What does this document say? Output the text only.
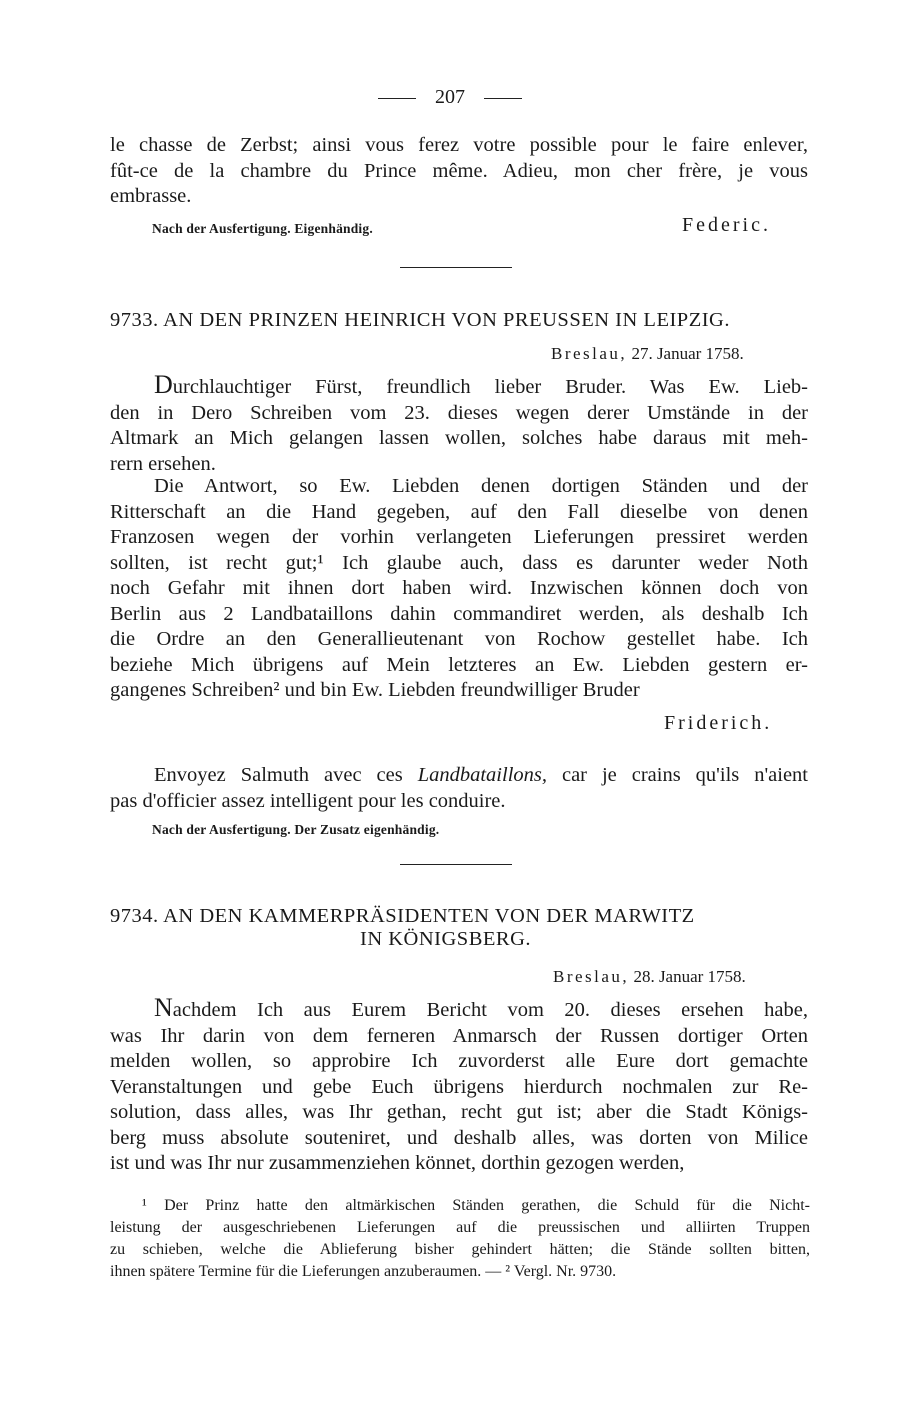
207
le chasse de Zerbst; ainsi vous ferez votre possible pour le faire enlever,
fût-ce de la chambre du Prince même. Adieu, mon cher frère, je vous
embrasse.
Nach der Ausfertigung. Eigenhändig.	Federic.
9733. AN DEN PRINZEN HEINRICH VON PREUSSEN IN LEIPZIG.
Breslau, 27. Januar 1758.
Durchlauchtiger Fürst, freundlich lieber Bruder. Was Ew. Lieb-
den in Dero Schreiben vom 23. dieses wegen derer Umstände in der
Altmark an Mich gelangen lassen wollen, solches habe daraus mit meh-
rern ersehen.
Die Antwort, so Ew. Liebden denen dortigen Ständen und der
Ritterschaft an die Hand gegeben, auf den Fall dieselbe von denen
Franzosen wegen der vorhin verlangeten Lieferungen pressiret werden
sollten, ist recht gut;¹ Ich glaube auch, dass es darunter weder Noth
noch Gefahr mit ihnen dort haben wird. Inzwischen können doch von
Berlin aus 2 Landbataillons dahin commandiret werden, als deshalb Ich
die Ordre an den Generallieutenant von Rochow gestellet habe. Ich
beziehe Mich übrigens auf Mein letzteres an Ew. Liebden gestern er-
gangenes Schreiben² und bin Ew. Liebden freundwilliger Bruder
Friderich.
Envoyez Salmuth avec ces Landbataillons, car je crains qu'ils n'aient
pas d'officier assez intelligent pour les conduire.
Nach der Ausfertigung. Der Zusatz eigenhändig.
9734. AN DEN KAMMERPRÄSIDENTEN VON DER MARWITZ
IN KÖNIGSBERG.
Breslau, 28. Januar 1758.
Nachdem Ich aus Eurem Bericht vom 20. dieses ersehen habe,
was Ihr darin von dem ferneren Anmarsch der Russen dortiger Orten
melden wollen, so approbire Ich zuvorderst alle Eure dort gemachte
Veranstaltungen und gebe Euch übrigens hierdurch nochmalen zur Re-
solution, dass alles, was Ihr gethan, recht gut ist; aber die Stadt Königs-
berg muss absolute souteniret, und deshalb alles, was dorten von Milice
ist und was Ihr nur zusammenziehen könnet, dorthin gezogen werden,
¹ Der Prinz hatte den altmärkischen Ständen gerathen, die Schuld für die Nicht-
leistung der ausgeschriebenen Lieferungen auf die preussischen und alliirten Truppen
zu schieben, welche die Ablieferung bisher gehindert hätten; die Stände sollten bitten,
ihnen spätere Termine für die Lieferungen anzuberaumen. — ² Vergl. Nr. 9730.
